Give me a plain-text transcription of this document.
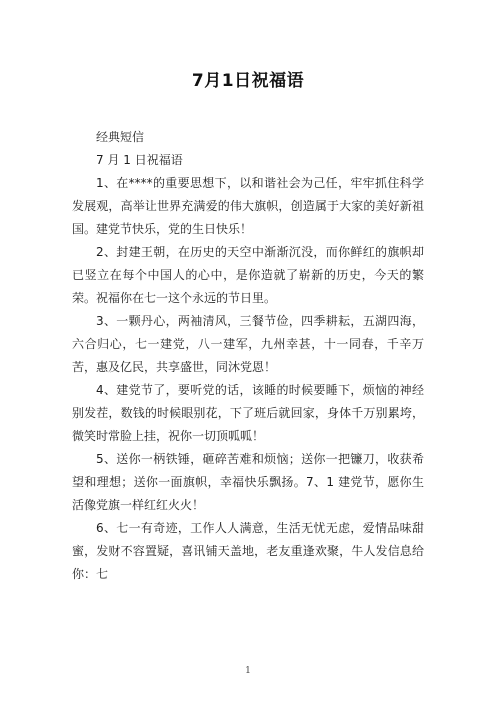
7月1日祝福语

经典短信

7 月 1 日祝福语

1、在****的重要思想下，以和谐社会为己任，牢牢抓住科学发展观，高举让世界充满爱的伟大旗帜，创造属于大家的美好新祖国。建党节快乐，党的生日快乐！

2、封建王朝，在历史的天空中渐渐沉没，而你鲜红的旗帜却已竖立在每个中国人的心中，是你造就了崭新的历史，今天的繁荣。祝福你在七一这个永远的节日里。

3、一颗丹心，两袖清风，三餐节俭，四季耕耘，五湖四海，六合归心，七一建党，八一建军，九州幸甚，十一同春，千辛万苦，惠及亿民，共享盛世，同沐党恩！

4、建党节了，要听党的话，该睡的时候要睡下，烦恼的神经别发茬，数钱的时候眼别花，下了班后就回家，身体千万别累垮，微笑时常脸上挂，祝你一切顶呱呱！

5、送你一柄铁锤，砸碎苦难和烦恼；送你一把镰刀，收获希望和理想；送你一面旗帜，幸福快乐飘扬。7、1 建党节，愿你生活像党旗一样红红火火！

6、七一有奇迹，工作人人满意，生活无忧无虑，爱情品味甜蜜，发财不容置疑，喜讯铺天盖地，老友重逢欢聚，牛人发信息给你：七

1
